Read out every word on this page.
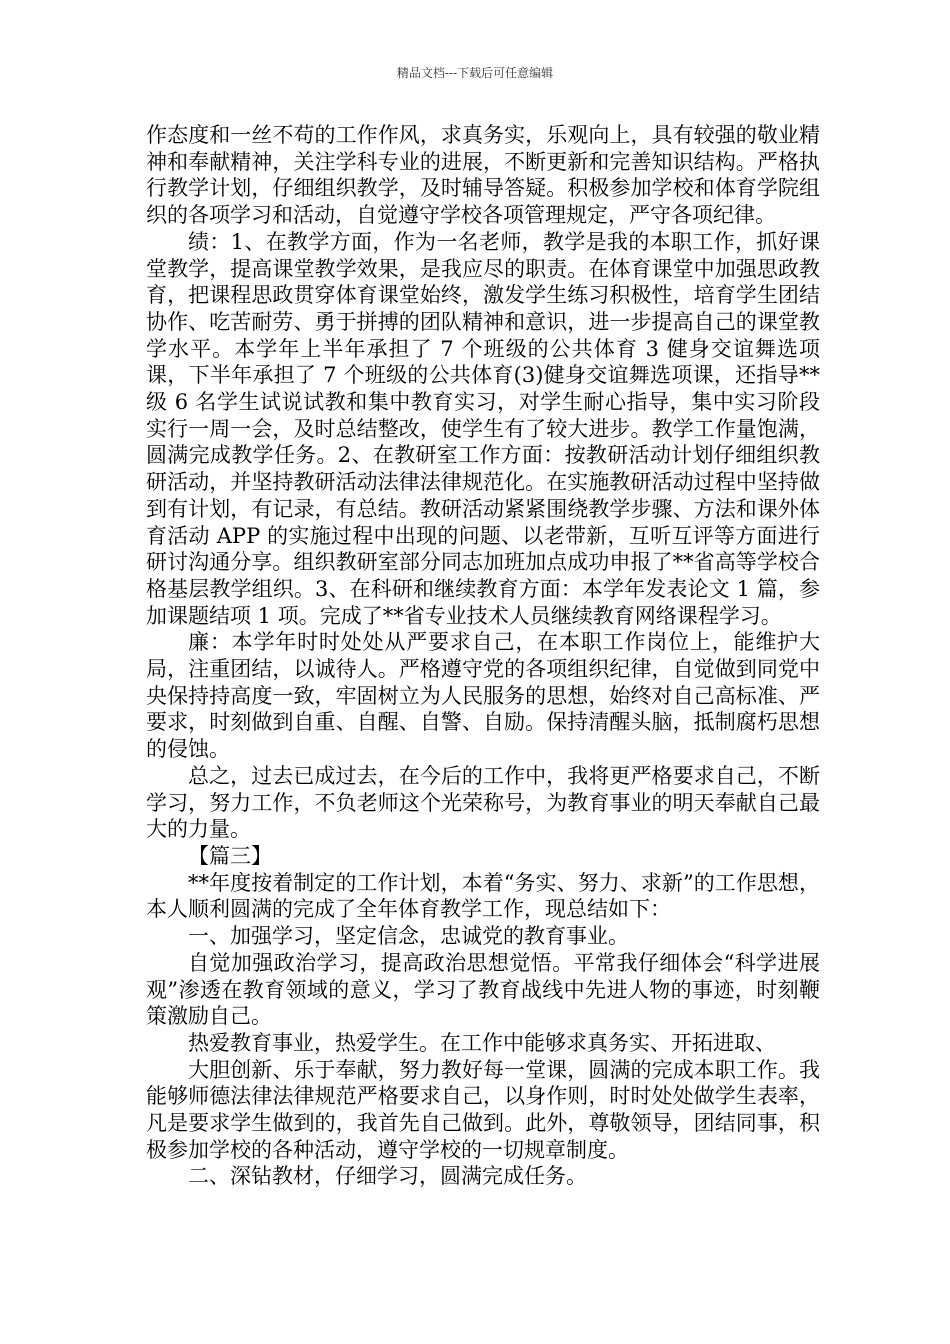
精品文档---下载后可任意编辑

作态度和一丝不苟的工作作风，求真务实，乐观向上，具有较强的敬业精神和奉献精神，关注学科专业的进展，不断更新和完善知识结构。严格执行教学计划，仔细组织教学，及时辅导答疑。积极参加学校和体育学院组织的各项学习和活动，自觉遵守学校各项管理规定，严守各项纪律。

绩：1、在教学方面，作为一名老师，教学是我的本职工作，抓好课堂教学，提高课堂教学效果，是我应尽的职责。在体育课堂中加强思政教育，把课程思政贯穿体育课堂始终，激发学生练习积极性，培育学生团结协作、吃苦耐劳、勇于拼搏的团队精神和意识，进一步提高自己的课堂教学水平。本学年上半年承担了 7 个班级的公共体育 3 健身交谊舞选项课，下半年承担了 7 个班级的公共体育(3)健身交谊舞选项课，还指导**级 6 名学生试说试教和集中教育实习，对学生耐心指导，集中实习阶段实行一周一会，及时总结整改，使学生有了较大进步。教学工作量饱满，圆满完成教学任务。2、在教研室工作方面：按教研活动计划仔细组织教研活动，并坚持教研活动法律法律规范化。在实施教研活动过程中坚持做到有计划，有记录，有总结。教研活动紧紧围绕教学步骤、方法和课外体育活动 APP 的实施过程中出现的问题、以老带新，互听互评等方面进行研讨沟通分享。组织教研室部分同志加班加点成功申报了**省高等学校合格基层教学组织。3、在科研和继续教育方面：本学年发表论文 1 篇，参加课题结项 1 项。完成了**省专业技术人员继续教育网络课程学习。

廉：本学年时时处处从严要求自己，在本职工作岗位上，能维护大局，注重团结，以诚待人。严格遵守党的各项组织纪律，自觉做到同党中央保持持高度一致，牢固树立为人民服务的思想，始终对自己高标准、严要求，时刻做到自重、自醒、自警、自励。保持清醒头脑，抵制腐朽思想的侵蚀。

总之，过去已成过去，在今后的工作中，我将更严格要求自己，不断学习，努力工作，不负老师这个光荣称号，为教育事业的明天奉献自己最大的力量。

【篇三】

**年度按着制定的工作计划，本着“务实、努力、求新”的工作思想，本人顺利圆满的完成了全年体育教学工作，现总结如下：

一、加强学习，坚定信念，忠诚党的教育事业。

自觉加强政治学习，提高政治思想觉悟。平常我仔细体会“科学进展观”渗透在教育领域的意义，学习了教育战线中先进人物的事迹，时刻鞭策激励自己。

热爱教育事业，热爱学生。在工作中能够求真务实、开拓进取、

大胆创新、乐于奉献，努力教好每一堂课，圆满的完成本职工作。我能够师德法律法律规范严格要求自己，以身作则，时时处处做学生表率，凡是要求学生做到的，我首先自己做到。此外，尊敬领导，团结同事，积极参加学校的各种活动，遵守学校的一切规章制度。

二、深钻教材，仔细学习，圆满完成任务。
